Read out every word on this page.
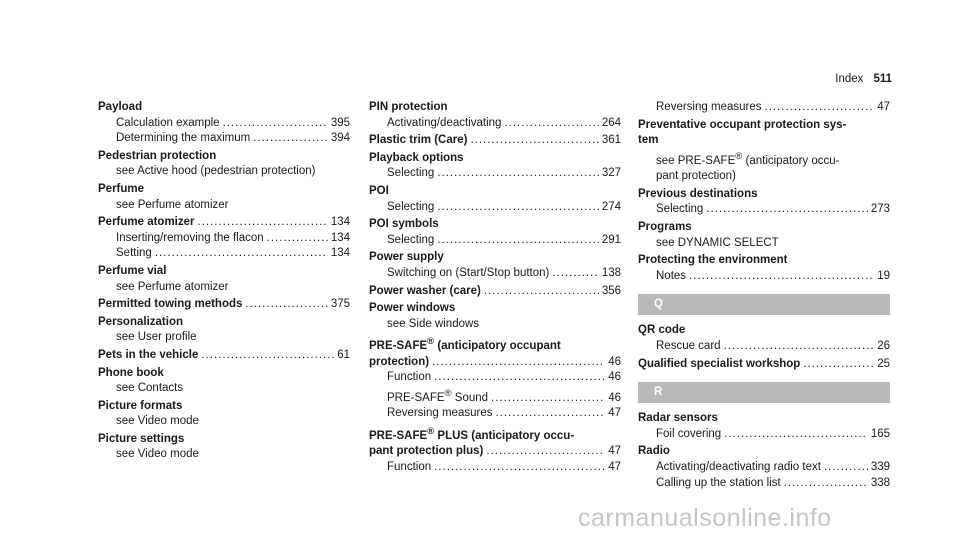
Index 511
Payload
Calculation example .....	395
Determining the maximum .....	394
Pedestrian protection
see Active hood (pedestrian protection)
Perfume
see Perfume atomizer
Perfume atomizer .....	134
Inserting/removing the flacon .....	134
Setting .....	134
Perfume vial
see Perfume atomizer
Permitted towing methods .....	375
Personalization
see User profile
Pets in the vehicle .....	61
Phone book
see Contacts
Picture formats
see Video mode
Picture settings
see Video mode
PIN protection
Activating/deactivating .....	264
Plastic trim (Care) .....	361
Playback options
Selecting .....	327
POI
Selecting .....	274
POI symbols
Selecting .....	291
Power supply
Switching on (Start/Stop button) .....	138
Power washer (care) .....	356
Power windows
see Side windows
PRE-SAFE® (anticipatory occupant
protection) .....	46
Function .....	46
PRE-SAFE® Sound .....	46
Reversing measures .....	47
PRE-SAFE® PLUS (anticipatory occu-
pant protection plus) .....	47
Function .....	47
Reversing measures .....	47
Preventative occupant protection sys-
tem
see PRE-SAFE® (anticipatory occu-
pant protection)
Previous destinations
Selecting .....	273
Programs
see DYNAMIC SELECT
Protecting the environment
Notes .....	19
Q
QR code
Rescue card .....	26
Qualified specialist workshop .....	25
R
Radar sensors
Foil covering .....	165
Radio
Activating/deactivating radio text .....	339
Calling up the station list .....	338
carmanualsonline.info
